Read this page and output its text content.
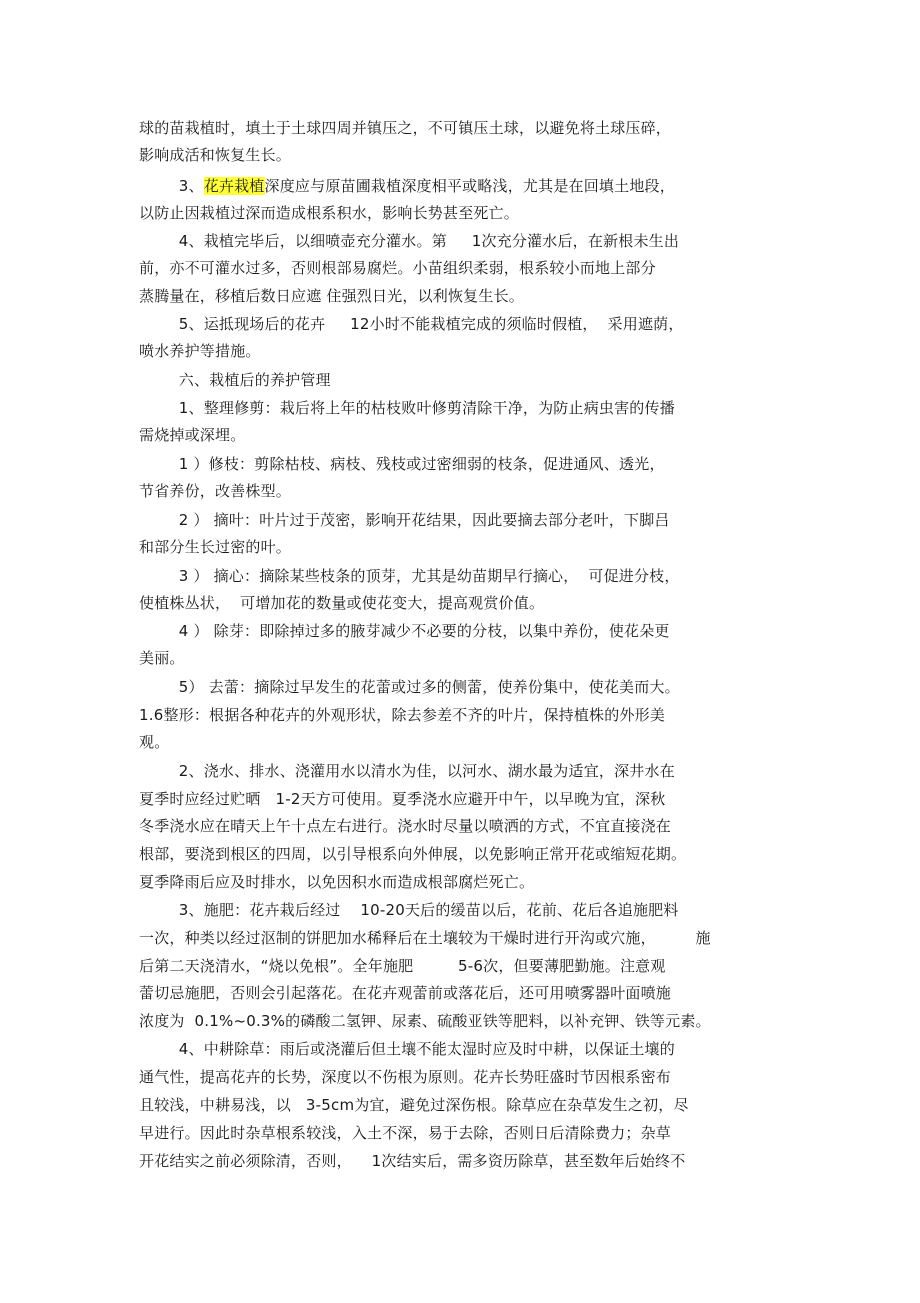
球的苗栽植时，填土于土球四周并镇压之，不可镇压土球，以避免将土球压碎，
影响成活和恢复生长。
3、花卉栽植深度应与原苗圃栽植深度相平或略浅，尤其是在回填土地段，
以防止因栽植过深而造成根系积水，影响长势甚至死亡。
4、栽植完毕后，以细喷壶充分灌水。第     1次充分灌水后，在新根未生出
前，亦不可灌水过多，否则根部易腐烂。小苗组织柔弱，根系较小而地上部分
蒸腾量在，移植后数日应遮 住强烈日光，以利恢复生长。
5、运抵现场后的花卉     12小时不能栽植完成的须临时假植，  采用遮荫，
喷水养护等措施。
六、栽植后的养护管理
1、整理修剪：栽后将上年的枯枝败叶修剪清除干净，为防止病虫害的传播
需烧掉或深埋。
1 ）修枝：剪除枯枝、病枝、残枝或过密细弱的枝条，促进通风、透光，
节省养份，改善株型。
2 ） 摘叶：叶片过于茂密，影响开花结果，因此要摘去部分老叶，下脚吕
和部分生长过密的叶。
3 ） 摘心：摘除某些枝条的顶芽，尤其是幼苗期早行摘心，  可促进分枝，
使植株丛状，  可增加花的数量或使花变大，提高观赏价值。
4 ） 除芽：即除掉过多的腋芽减少不必要的分枝，以集中养份，使花朵更
美丽。
5） 去蕾：摘除过早发生的花蕾或过多的侧蕾，使养份集中，使花美而大。
1.6整形：根据各种花卉的外观形状，除去参差不齐的叶片，保持植株的外形美
观。
2、浇水、排水、浇灌用水以清水为佳，以河水、湖水最为适宜，深井水在
夏季时应经过贮晒   1-2天方可使用。夏季浇水应避开中午，以早晚为宜，深秋
冬季浇水应在晴天上午十点左右进行。浇水时尽量以喷洒的方式，不宜直接浇在
根部，要浇到根区的四周，以引导根系向外伸展，以免影响正常开花或缩短花期。
夏季降雨后应及时排水，以免因积水而造成根部腐烂死亡。
3、施肥：花卉栽后经过    10-20天后的缓苗以后，花前、花后各追施肥料
一次，种类以经过沤制的饼肥加水稀释后在土壤较为干燥时进行开沟或穴施，        施
后第二天浇清水，“烧以免根”。全年施肥         5-6次，但要薄肥勤施。注意观
蕾切忌施肥，否则会引起落花。在花卉观蕾前或落花后，还可用喷雾器叶面喷施
浓度为  0.1%~0.3%的磷酸二氢钾、尿素、硫酸亚铁等肥料，以补充钾、铁等元素。
4、中耕除草：雨后或浇灌后但土壤不能太湿时应及时中耕，以保证土壤的
通气性，提高花卉的长势，深度以不伤根为原则。花卉长势旺盛时节因根系密布
且较浅，中耕易浅，以   3-5cm为宜，避免过深伤根。除草应在杂草发生之初，尽
早进行。因此时杂草根系较浅，入土不深，易于去除，否则日后清除费力；杂草
开花结实之前必须除清，否则，    1次结实后，需多资历除草，甚至数年后始终不
